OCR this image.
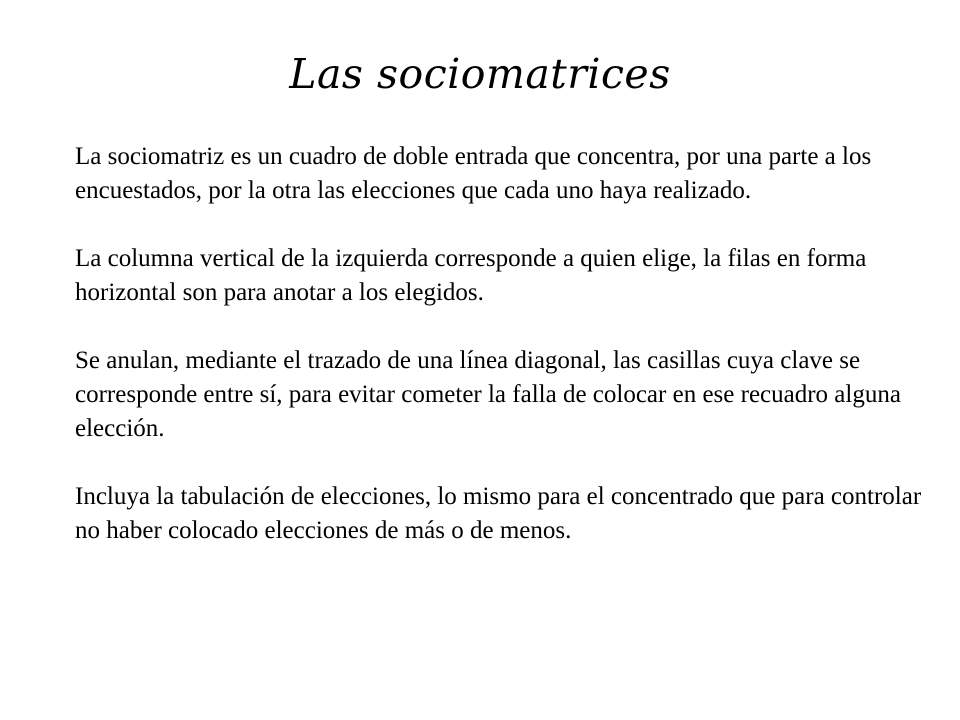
Las sociomatrices

La sociomatriz es un cuadro de doble entrada que concentra, por una parte a los encuestados, por la otra las elecciones que cada uno haya realizado.

La columna vertical de la izquierda corresponde a quien elige, la filas en forma horizontal son para anotar a los elegidos.

Se anulan, mediante el trazado de una línea diagonal, las casillas cuya clave se corresponde entre sí, para evitar cometer la falla de colocar en ese recuadro alguna elección.

Incluya la tabulación de elecciones, lo mismo para el concentrado que para controlar no haber colocado elecciones de más o de menos.
